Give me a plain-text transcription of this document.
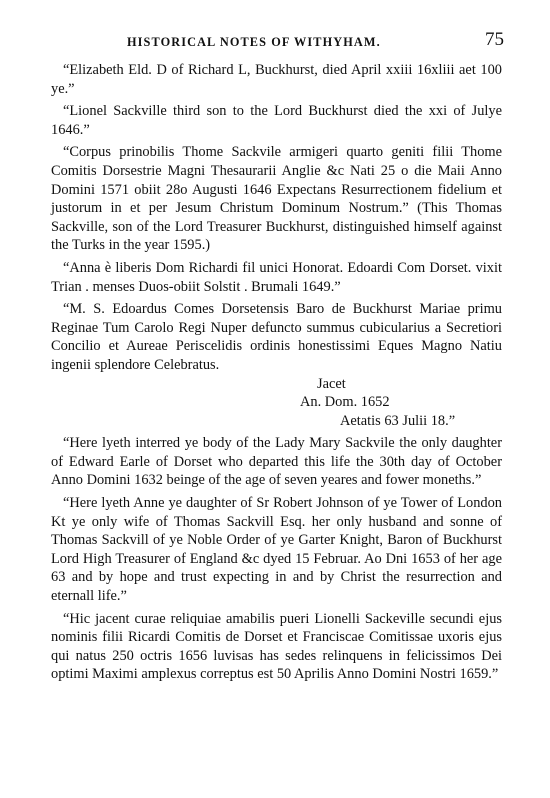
HISTORICAL NOTES OF WITHYHAM.	75

“Elizabeth Eld. D of Richard L, Buckhurst, died April xxiii 16xliii aet 100 ye.”

“Lionel Sackville third son to the Lord Buckhurst died the xxi of Julye 1646.”

“Corpus prinobilis Thome Sackvile armigeri quarto geniti filii Thome Comitis Dorsestrie Magni Thesaurarii Anglie &c Nati 25 o die Maii Anno Domini 1571 obiit 28o Augusti 1646 Expectans Resurrectionem fidelium et justorum in et per Jesum Christum Dominum Nostrum.” (This Thomas Sackville, son of the Lord Treasurer Buckhurst, distinguished himself against the Turks in the year 1595.)

“Anna è liberis Dom Richardi fil unici Honorat. Edoardi Com Dorset. vixit Trian . menses Duos-obiit Solstit . Brumali 1649.”

“M. S. Edoardus Comes Dorsetensis Baro de Buckhurst Mariae primu Reginae Tum Carolo Regi Nuper defuncto summus cubicularius a Secretiori Concilio et Aureae Periscelidis ordinis honestissimi Eques Magno Natiu ingenii splendore Celebratus.

Jacet
An. Dom. 1652
Aetatis 63 Julii 18.”

“Here lyeth interred ye body of the Lady Mary Sackvile the only daughter of Edward Earle of Dorset who departed this life the 30th day of October Anno Domini 1632 beinge of the age of seven yeares and fower moneths.”

“Here lyeth Anne ye daughter of Sr Robert Johnson of ye Tower of London Kt ye only wife of Thomas Sackvill Esq. her only husband and sonne of Thomas Sackvill of ye Noble Order of ye Garter Knight, Baron of Buckhurst Lord High Treasurer of England &c dyed 15 Februar. Ao Dni 1653 of her age 63 and by hope and trust expecting in and by Christ the resurrection and eternall life.”

“Hic jacent curae reliquiae amabilis pueri Lionelli Sackeville secundi ejus nominis filii Ricardi Comitis de Dorset et Franciscae Comitissae uxoris ejus qui natus 250 octris 1656 luvisas has sedes relinquens in felicissimos Dei optimi Maximi amplexus correptus est 50 Aprilis Anno Domini Nostri 1659.”
